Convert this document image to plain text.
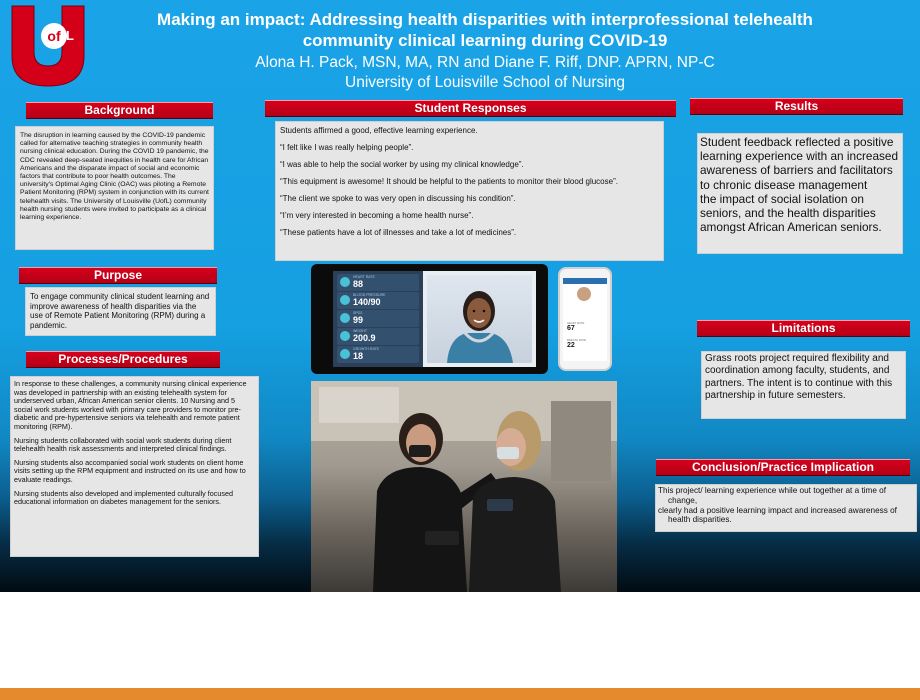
of L
Making an impact: Addressing health disparities with interprofessional telehealth community clinical learning during COVID-19
Alona H. Pack, MSN, MA, RN and Diane F. Riff, DNP. APRN, NP-C
University of Louisville School of Nursing
Background
The disruption in learning caused by the COVID-19 pandemic called for alternative teaching strategies in community health nursing clinical education. During the COVID 19 pandemic, the CDC revealed deep-seated inequities in health care for African Americans and the disparate impact of social and economic factors that contribute to poor health outcomes. The university's Optimal Aging Clinic (OAC) was piloting a Remote Patient Monitoring (RPM) system in conjunction with its current telehealth visits. The University of Louisville (UofL) community health nursing students were invited to participate as a clinical learning experience.
Purpose
To engage community clinical student learning and improve awareness of health disparities via the use of Remote Patient Monitoring (RPM) during a pandemic.
Processes/Procedures

In response to these challenges, a community nursing clinical experience was developed in partnership with an existing telehealth system for underserved urban, African American senior clients. 10 Nursing and 5 social work students worked with primary care providers to monitor pre-diabetic and pre-hypertensive seniors via telehealth and remote patient monitoring (RPM).

Nursing students collaborated with social work students during client telehealth health risk assessments and interpreted clinical findings.

Nursing students also accompanied social work students on client home visits setting up the RPM equipment and instructed on its use and how to evaluate readings.

Nursing students also developed and implemented culturally focused educational information on diabetes management for the seniors.

Student Responses

Students affirmed a good, effective learning experience.

“I felt like I was really helping people”.

“I was able to help the social worker by using my clinical knowledge”.

“This equipment is awesome! It should be helpful to the patients to monitor their blood glucose”.

“The client we spoke to was very open in discussing his condition”.

“I’m very interested in becoming a home health nurse”.

“These patients have a lot of illnesses and take a lot of medicines”.

HEART RATE
88
BLOOD PRESSURE
140/90
SPO2
99
WEIGHT
200.9
GROWTH RATE
18
HEART RATE
67
BREATH RATE
22
Results
Student feedback reflected a positive learning experience with an increased awareness of barriers and facilitators to chronic disease management
the impact of social isolation on seniors, and the health disparities amongst African American seniors.
Limitations
Grass roots project required flexibility and coordination among faculty, students, and partners. The intent is to continue with this partnership in future semesters.
Conclusion/Practice Implication
This project/ learning experience while out together at a time of change,
clearly had a positive learning impact and increased awareness of health disparities.
